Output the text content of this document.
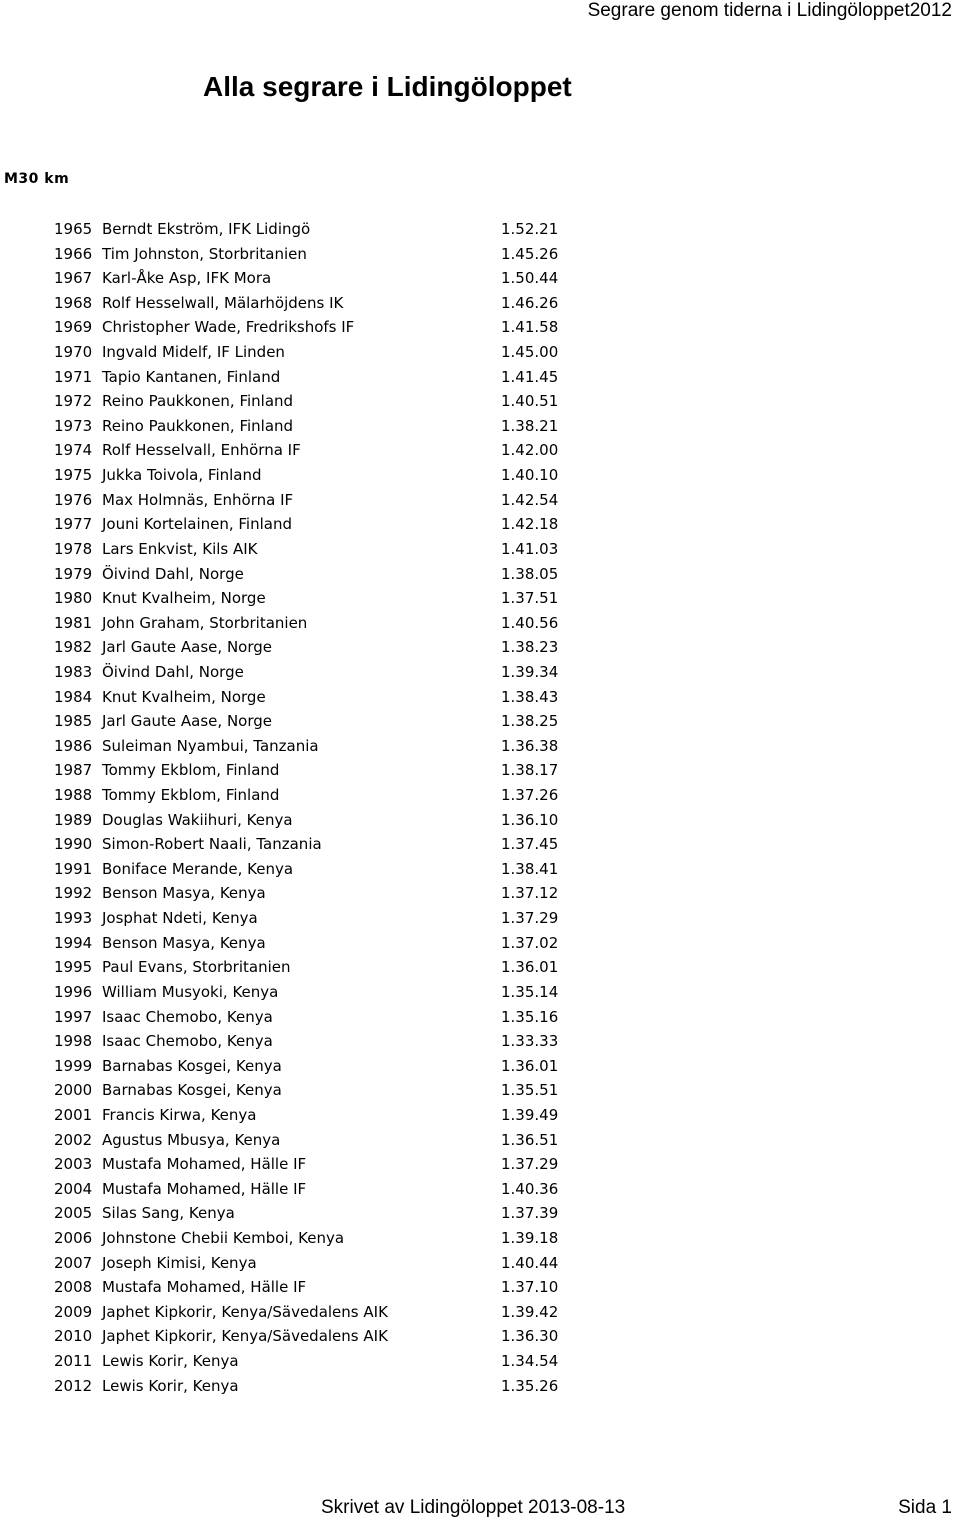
Segrare genom tiderna i Lidingöloppet2012
Alla segrare i Lidingöloppet
M30 km
1965 Berndt Ekström, IFK Lidingö	1.52.21
1966 Tim Johnston, Storbritanien	1.45.26
1967 Karl-Åke Asp, IFK Mora	1.50.44
1968 Rolf Hesselwall, Mälarhöjdens IK	1.46.26
1969 Christopher Wade, Fredrikshofs IF	1.41.58
1970 Ingvald Midelf, IF Linden	1.45.00
1971 Tapio Kantanen, Finland	1.41.45
1972 Reino Paukkonen, Finland	1.40.51
1973 Reino Paukkonen, Finland	1.38.21
1974 Rolf Hesselvall, Enhörna IF	1.42.00
1975 Jukka Toivola, Finland	1.40.10
1976 Max Holmnäs, Enhörna IF	1.42.54
1977 Jouni Kortelainen, Finland	1.42.18
1978 Lars Enkvist, Kils AIK	1.41.03
1979 Öivind Dahl, Norge	1.38.05
1980 Knut Kvalheim, Norge	1.37.51
1981 John Graham, Storbritanien	1.40.56
1982 Jarl Gaute Aase, Norge	1.38.23
1983 Öivind Dahl, Norge	1.39.34
1984 Knut Kvalheim, Norge	1.38.43
1985 Jarl Gaute Aase, Norge	1.38.25
1986 Suleiman Nyambui, Tanzania	1.36.38
1987 Tommy Ekblom, Finland	1.38.17
1988 Tommy Ekblom, Finland	1.37.26
1989 Douglas Wakiihuri, Kenya	1.36.10
1990 Simon-Robert Naali, Tanzania	1.37.45
1991 Boniface Merande, Kenya	1.38.41
1992 Benson Masya, Kenya	1.37.12
1993 Josphat Ndeti, Kenya	1.37.29
1994 Benson Masya, Kenya	1.37.02
1995 Paul Evans, Storbritanien	1.36.01
1996 William Musyoki, Kenya	1.35.14
1997 Isaac Chemobo, Kenya	1.35.16
1998 Isaac Chemobo, Kenya	1.33.33
1999 Barnabas Kosgei, Kenya	1.36.01
2000 Barnabas Kosgei, Kenya	1.35.51
2001 Francis Kirwa, Kenya	1.39.49
2002 Agustus Mbusya, Kenya	1.36.51
2003 Mustafa Mohamed, Hälle IF	1.37.29
2004 Mustafa Mohamed, Hälle IF	1.40.36
2005 Silas Sang, Kenya	1.37.39
2006 Johnstone Chebii Kemboi, Kenya	1.39.18
2007 Joseph Kimisi, Kenya	1.40.44
2008 Mustafa Mohamed, Hälle IF	1.37.10
2009 Japhet Kipkorir, Kenya/Sävedalens AIK	1.39.42
2010 Japhet Kipkorir, Kenya/Sävedalens AIK	1.36.30
2011 Lewis Korir, Kenya	1.34.54
2012 Lewis Korir, Kenya	1.35.26
Skrivet av Lidingöloppet 2013-08-13	Sida 1
